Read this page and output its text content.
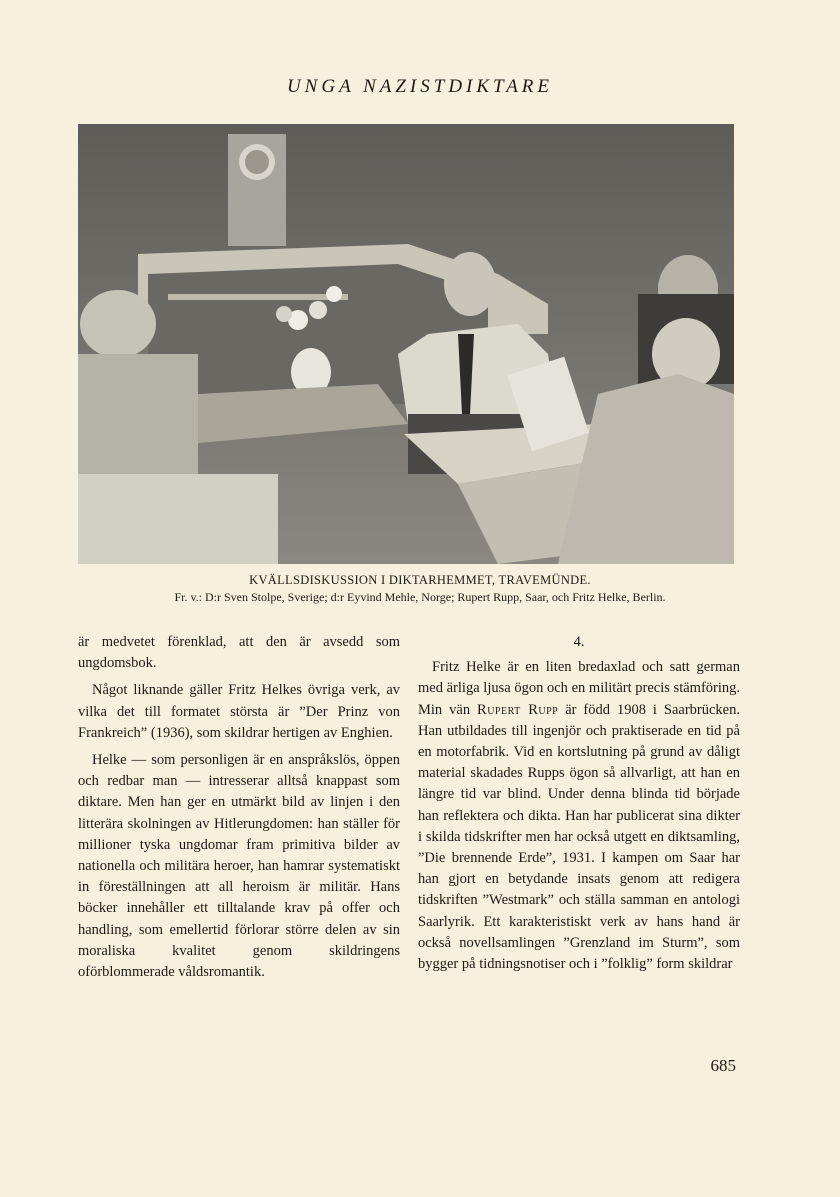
UNGA NAZISTDIKTARE
KVÄLLSDISKUSSION I DIKTARHEMMET, TRAVEMÜNDE.
Fr. v.: D:r Sven Stolpe, Sverige; d:r Eyvind Mehle, Norge; Rupert Rupp, Saar, och Fritz Helke, Berlin.

är medvetet förenklad, att den är avsedd som ungdomsbok.

Något liknande gäller Fritz Helkes övriga verk, av vilka det till formatet största är ”Der Prinz von Frankreich” (1936), som skildrar hertigen av Enghien.

Helke — som personligen är en anspråkslös, öppen och redbar man — intresserar alltså knappast som diktare. Men han ger en utmärkt bild av linjen i den litterära skolningen av Hitlerungdomen: han ställer för millioner tyska ungdomar fram primitiva bilder av nationella och militära heroer, han hamrar systematiskt in föreställningen att all heroism är militär. Hans böcker innehåller ett tilltalande krav på offer och handling, som emellertid förlorar större delen av sin moraliska kvalitet genom skildringens oförblommerade våldsromantik.

4.

Fritz Helke är en liten bredaxlad och satt german med ärliga ljusa ögon och en militärt precis stämföring. Min vän Rupert Rupp är född 1908 i Saarbrücken. Han utbildades till ingenjör och praktiserade en tid på en motorfabrik. Vid en kortslutning på grund av dåligt material skadades Rupps ögon så allvarligt, att han en längre tid var blind. Under denna blinda tid började han reflektera och dikta. Han har publicerat sina dikter i skilda tidskrifter men har också utgett en diktsamling, ”Die brennende Erde”, 1931. I kampen om Saar har han gjort en betydande insats genom att redigera tidskriften ”Westmark” och ställa samman en antologi Saarlyrik. Ett karakteristiskt verk av hans hand är också novellsamlingen ”Grenzland im Sturm”, som bygger på tidningsnotiser och i ”folklig” form skildrar

685
